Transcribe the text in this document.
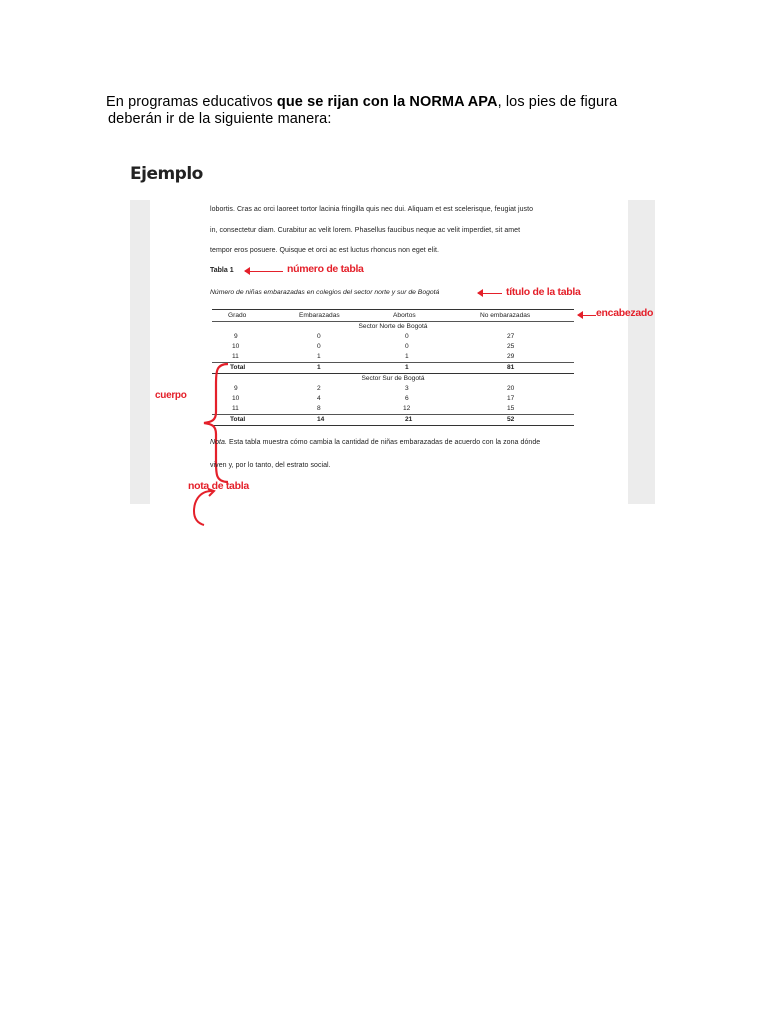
En programas educativos que se rijan con la NORMA APA, los pies de figura
deberán ir de la siguiente manera:
Ejemplo
lobortis. Cras ac orci laoreet tortor lacinia fringilla quis nec dui. Aliquam et est scelerisque, feugiat justo
in, consectetur diam. Curabitur ac velit lorem. Phasellus faucibus neque ac velit imperdiet, sit amet
tempor eros posuere. Quisque et orci ac est luctus rhoncus non eget elit.
Tabla 1	número de tabla
Número de niñas embarazadas en colegios del sector norte y sur de Bogotá	título de la tabla
encabezado
Grado	Embarazadas	Abortos	No embarazadas
Sector Norte de Bogotá
9	0	0	27
10	0	0	25
11	1	1	29
Total	1	1	81
Sector Sur de Bogotá
9	2	3	20
10	4	6	17
11	8	12	15
Total	14	21	52
cuerpo
Nota. Esta tabla muestra cómo cambia la cantidad de niñas embarazadas de acuerdo con la zona dónde
viven y, por lo tanto, del estrato social.
nota de tabla
